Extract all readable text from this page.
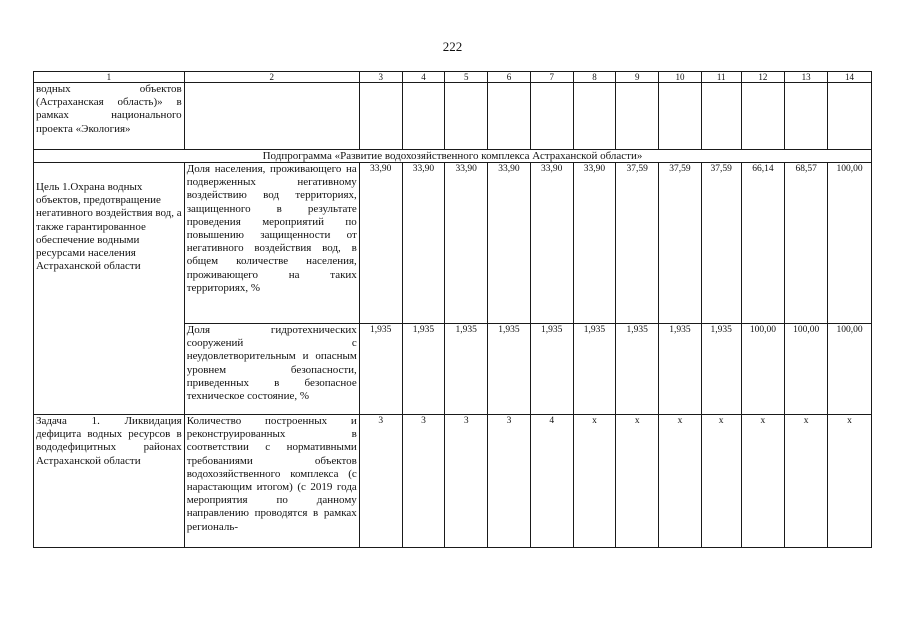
222
1	2	3	4	5	6	7	8	9	10	11	12	13	14
водных объектов (Астраханская область)» в рамках национального проекта «Экология»													
Подпрограмма «Развитие водохозяйственного комплекса Астраханской области»													

Цель 1.Охрана водных объектов, предотвращение негативного воздействия вод, а также гарантированное обеспечение водными ресурсами населения Астраханской области	Доля населения, проживающего на подверженных негативному воздействию вод территориях, защищенного в результате проведения мероприятий по повышению защищенности от негативного воздействия вод, в общем количестве населения, проживающего на таких территориях, %	33,90	33,90	33,90	33,90	33,90	33,90	37,59	37,59	37,59	66,14	68,57	100,00
	Доля гидротехнических сооружений с неудовлетворительным и опасным уровнем безопасности, приведенных в безопасное техническое состояние, %	1,935	1,935	1,935	1,935	1,935	1,935	1,935	1,935	1,935	100,00	100,00	100,00
Задача 1. Ликвидация дефицита водных ресурсов в вододефицитных районах Астраханской области	Количество построенных и реконструированных в соответствии с нормативными требованиями объектов водохозяйственного комплекса (с нарастающим итогом) (с 2019 года мероприятия по данному направлению проводятся в рамках региональ-	3	3	3	3	4	х	х	х	х	х	х	х
